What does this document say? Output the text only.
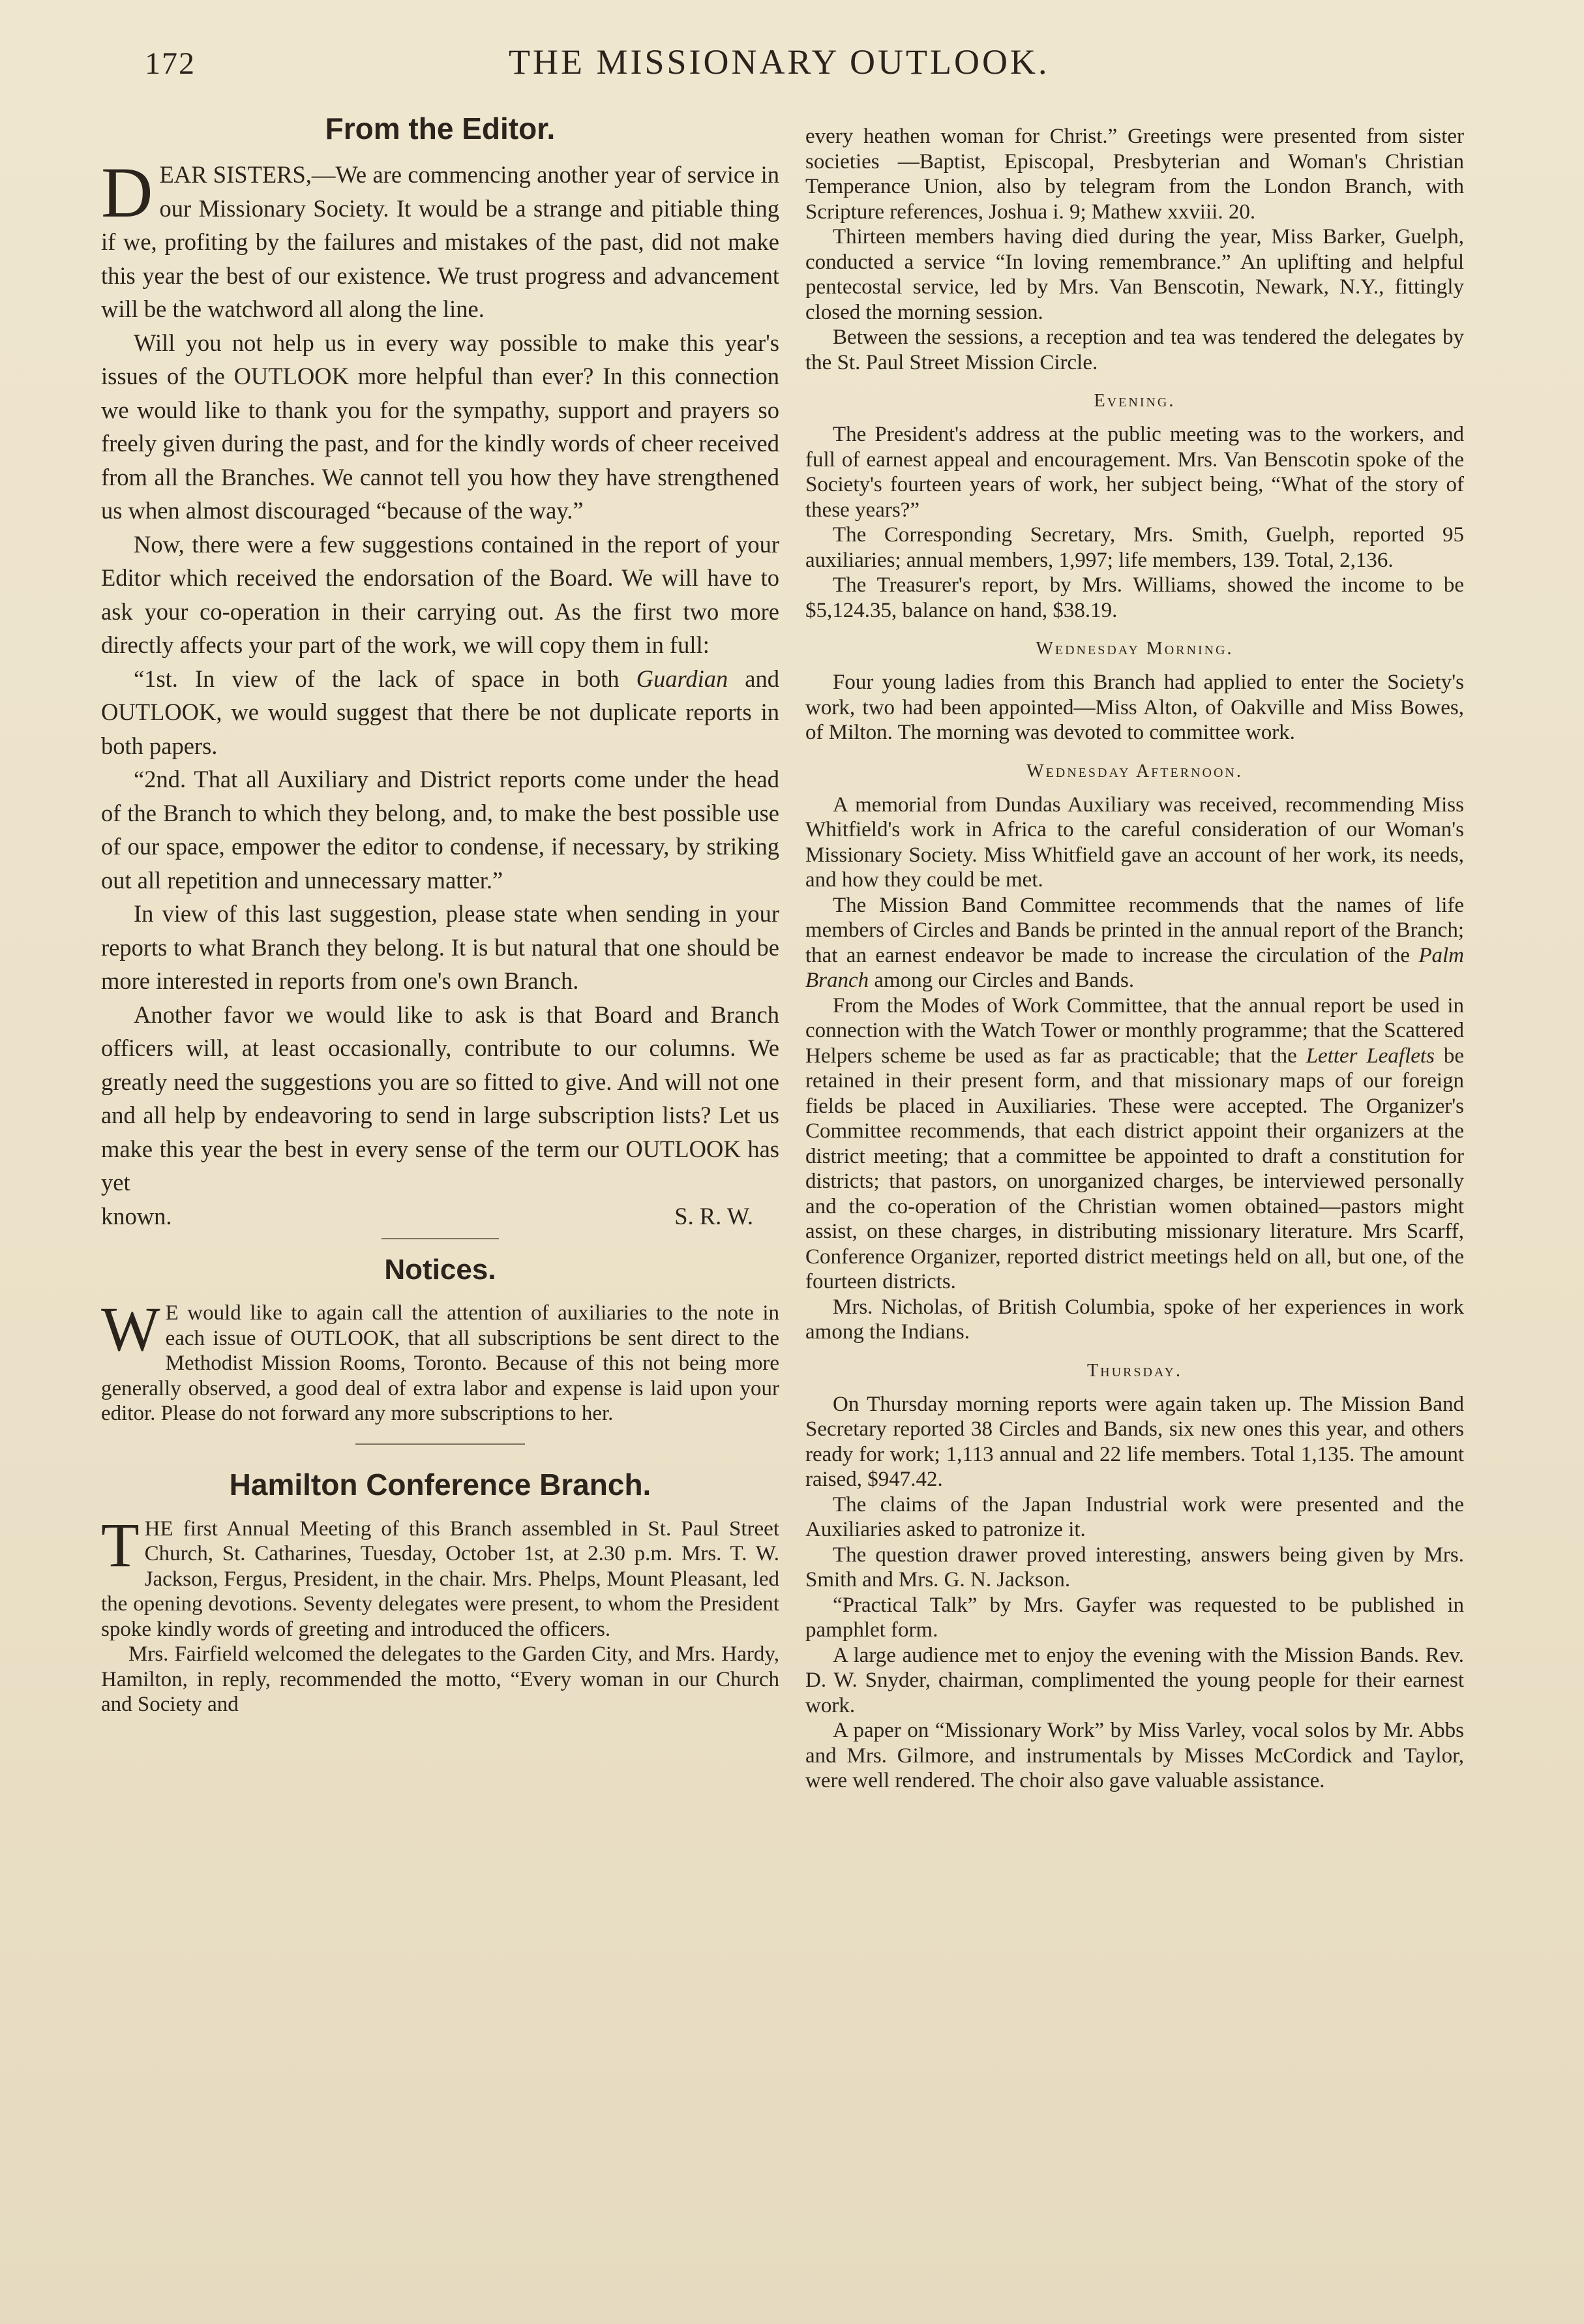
172	THE MISSIONARY OUTLOOK.
From the Editor.

DEAR SISTERS,—We are commencing another year of service in our Missionary Society. It would be a strange and pitiable thing if we, profiting by the failures and mistakes of the past, did not make this year the best of our existence. We trust progress and advancement will be the watchword all along the line.

Will you not help us in every way possible to make this year's issues of the OUTLOOK more helpful than ever? In this connection we would like to thank you for the sympathy, support and prayers so freely given during the past, and for the kindly words of cheer received from all the Branches. We cannot tell you how they have strengthened us when almost discouraged “because of the way.”

Now, there were a few suggestions contained in the report of your Editor which received the endorsation of the Board. We will have to ask your co-operation in their carrying out. As the first two more directly affects your part of the work, we will copy them in full:

“1st. In view of the lack of space in both Guardian and OUTLOOK, we would suggest that there be not duplicate reports in both papers.

“2nd. That all Auxiliary and District reports come under the head of the Branch to which they belong, and, to make the best possible use of our space, empower the editor to condense, if necessary, by striking out all repetition and unnecessary matter.”

In view of this last suggestion, please state when sending in your reports to what Branch they belong. It is but natural that one should be more interested in reports from one's own Branch.

Another favor we would like to ask is that Board and Branch officers will, at least occasionally, contribute to our columns. We greatly need the suggestions you are so fitted to give. And will not one and all help by endeavoring to send in large subscription lists? Let us make this year the best in every sense of the term our OUTLOOK has yet

known.	S. R. W.
Notices.

W E would like to again call the attention of auxiliaries to the note in each issue of OUTLOOK, that all subscriptions be sent direct to the Methodist Mission Rooms, Toronto. Because of this not being more generally observed, a good deal of extra labor and expense is laid upon your editor. Please do not forward any more subscriptions to her.

Hamilton Conference Branch.

THE first Annual Meeting of this Branch assembled in St. Paul Street Church, St. Catharines, Tuesday, October 1st, at 2.30 p.m. Mrs. T. W. Jackson, Fergus, President, in the chair. Mrs. Phelps, Mount Pleasant, led the opening devotions. Seventy delegates were present, to whom the President spoke kindly words of greeting and introduced the officers.

Mrs. Fairfield welcomed the delegates to the Garden City, and Mrs. Hardy, Hamilton, in reply, recommended the motto, “Every woman in our Church and Society and

every heathen woman for Christ.” Greetings were presented from sister societies —Baptist, Episcopal, Presbyterian and Woman's Christian Temperance Union, also by telegram from the London Branch, with Scripture references, Joshua i. 9; Mathew xxviii. 20.

Thirteen members having died during the year, Miss Barker, Guelph, conducted a service “In loving remembrance.” An uplifting and helpful pentecostal service, led by Mrs. Van Benscotin, Newark, N.Y., fittingly closed the morning session.

Between the sessions, a reception and tea was tendered the delegates by the St. Paul Street Mission Circle.

Evening.

The President's address at the public meeting was to the workers, and full of earnest appeal and encouragement. Mrs. Van Benscotin spoke of the Society's fourteen years of work, her subject being, “What of the story of these years?”

The Corresponding Secretary, Mrs. Smith, Guelph, reported 95 auxiliaries; annual members, 1,997; life members, 139. Total, 2,136.

The Treasurer's report, by Mrs. Williams, showed the income to be $5,124.35, balance on hand, $38.19.

Wednesday Morning.

Four young ladies from this Branch had applied to enter the Society's work, two had been appointed—Miss Alton, of Oakville and Miss Bowes, of Milton. The morning was devoted to committee work.

Wednesday Afternoon.

A memorial from Dundas Auxiliary was received, recommending Miss Whitfield's work in Africa to the careful consideration of our Woman's Missionary Society. Miss Whitfield gave an account of her work, its needs, and how they could be met.

The Mission Band Committee recommends that the names of life members of Circles and Bands be printed in the annual report of the Branch; that an earnest endeavor be made to increase the circulation of the Palm Branch among our Circles and Bands.

From the Modes of Work Committee, that the annual report be used in connection with the Watch Tower or monthly programme; that the Scattered Helpers scheme be used as far as practicable; that the Letter Leaflets be retained in their present form, and that missionary maps of our foreign fields be placed in Auxiliaries. These were accepted. The Organizer's Committee recommends, that each district appoint their organizers at the district meeting; that a committee be appointed to draft a constitution for districts; that pastors, on unorganized charges, be interviewed personally and the co-operation of the Christian women obtained—pastors might assist, on these charges, in distributing missionary literature. Mrs Scarff, Conference Organizer, reported district meetings held on all, but one, of the fourteen districts.

Mrs. Nicholas, of British Columbia, spoke of her experiences in work among the Indians.

Thursday.

On Thursday morning reports were again taken up. The Mission Band Secretary reported 38 Circles and Bands, six new ones this year, and others ready for work; 1,113 annual and 22 life members. Total 1,135. The amount raised, $947.42.

The claims of the Japan Industrial work were presented and the Auxiliaries asked to patronize it.

The question drawer proved interesting, answers being given by Mrs. Smith and Mrs. G. N. Jackson.

“Practical Talk” by Mrs. Gayfer was requested to be published in pamphlet form.

A large audience met to enjoy the evening with the Mission Bands. Rev. D. W. Snyder, chairman, complimented the young people for their earnest work.

A paper on “Missionary Work” by Miss Varley, vocal solos by Mr. Abbs and Mrs. Gilmore, and instrumentals by Misses McCordick and Taylor, were well rendered. The choir also gave valuable assistance.
